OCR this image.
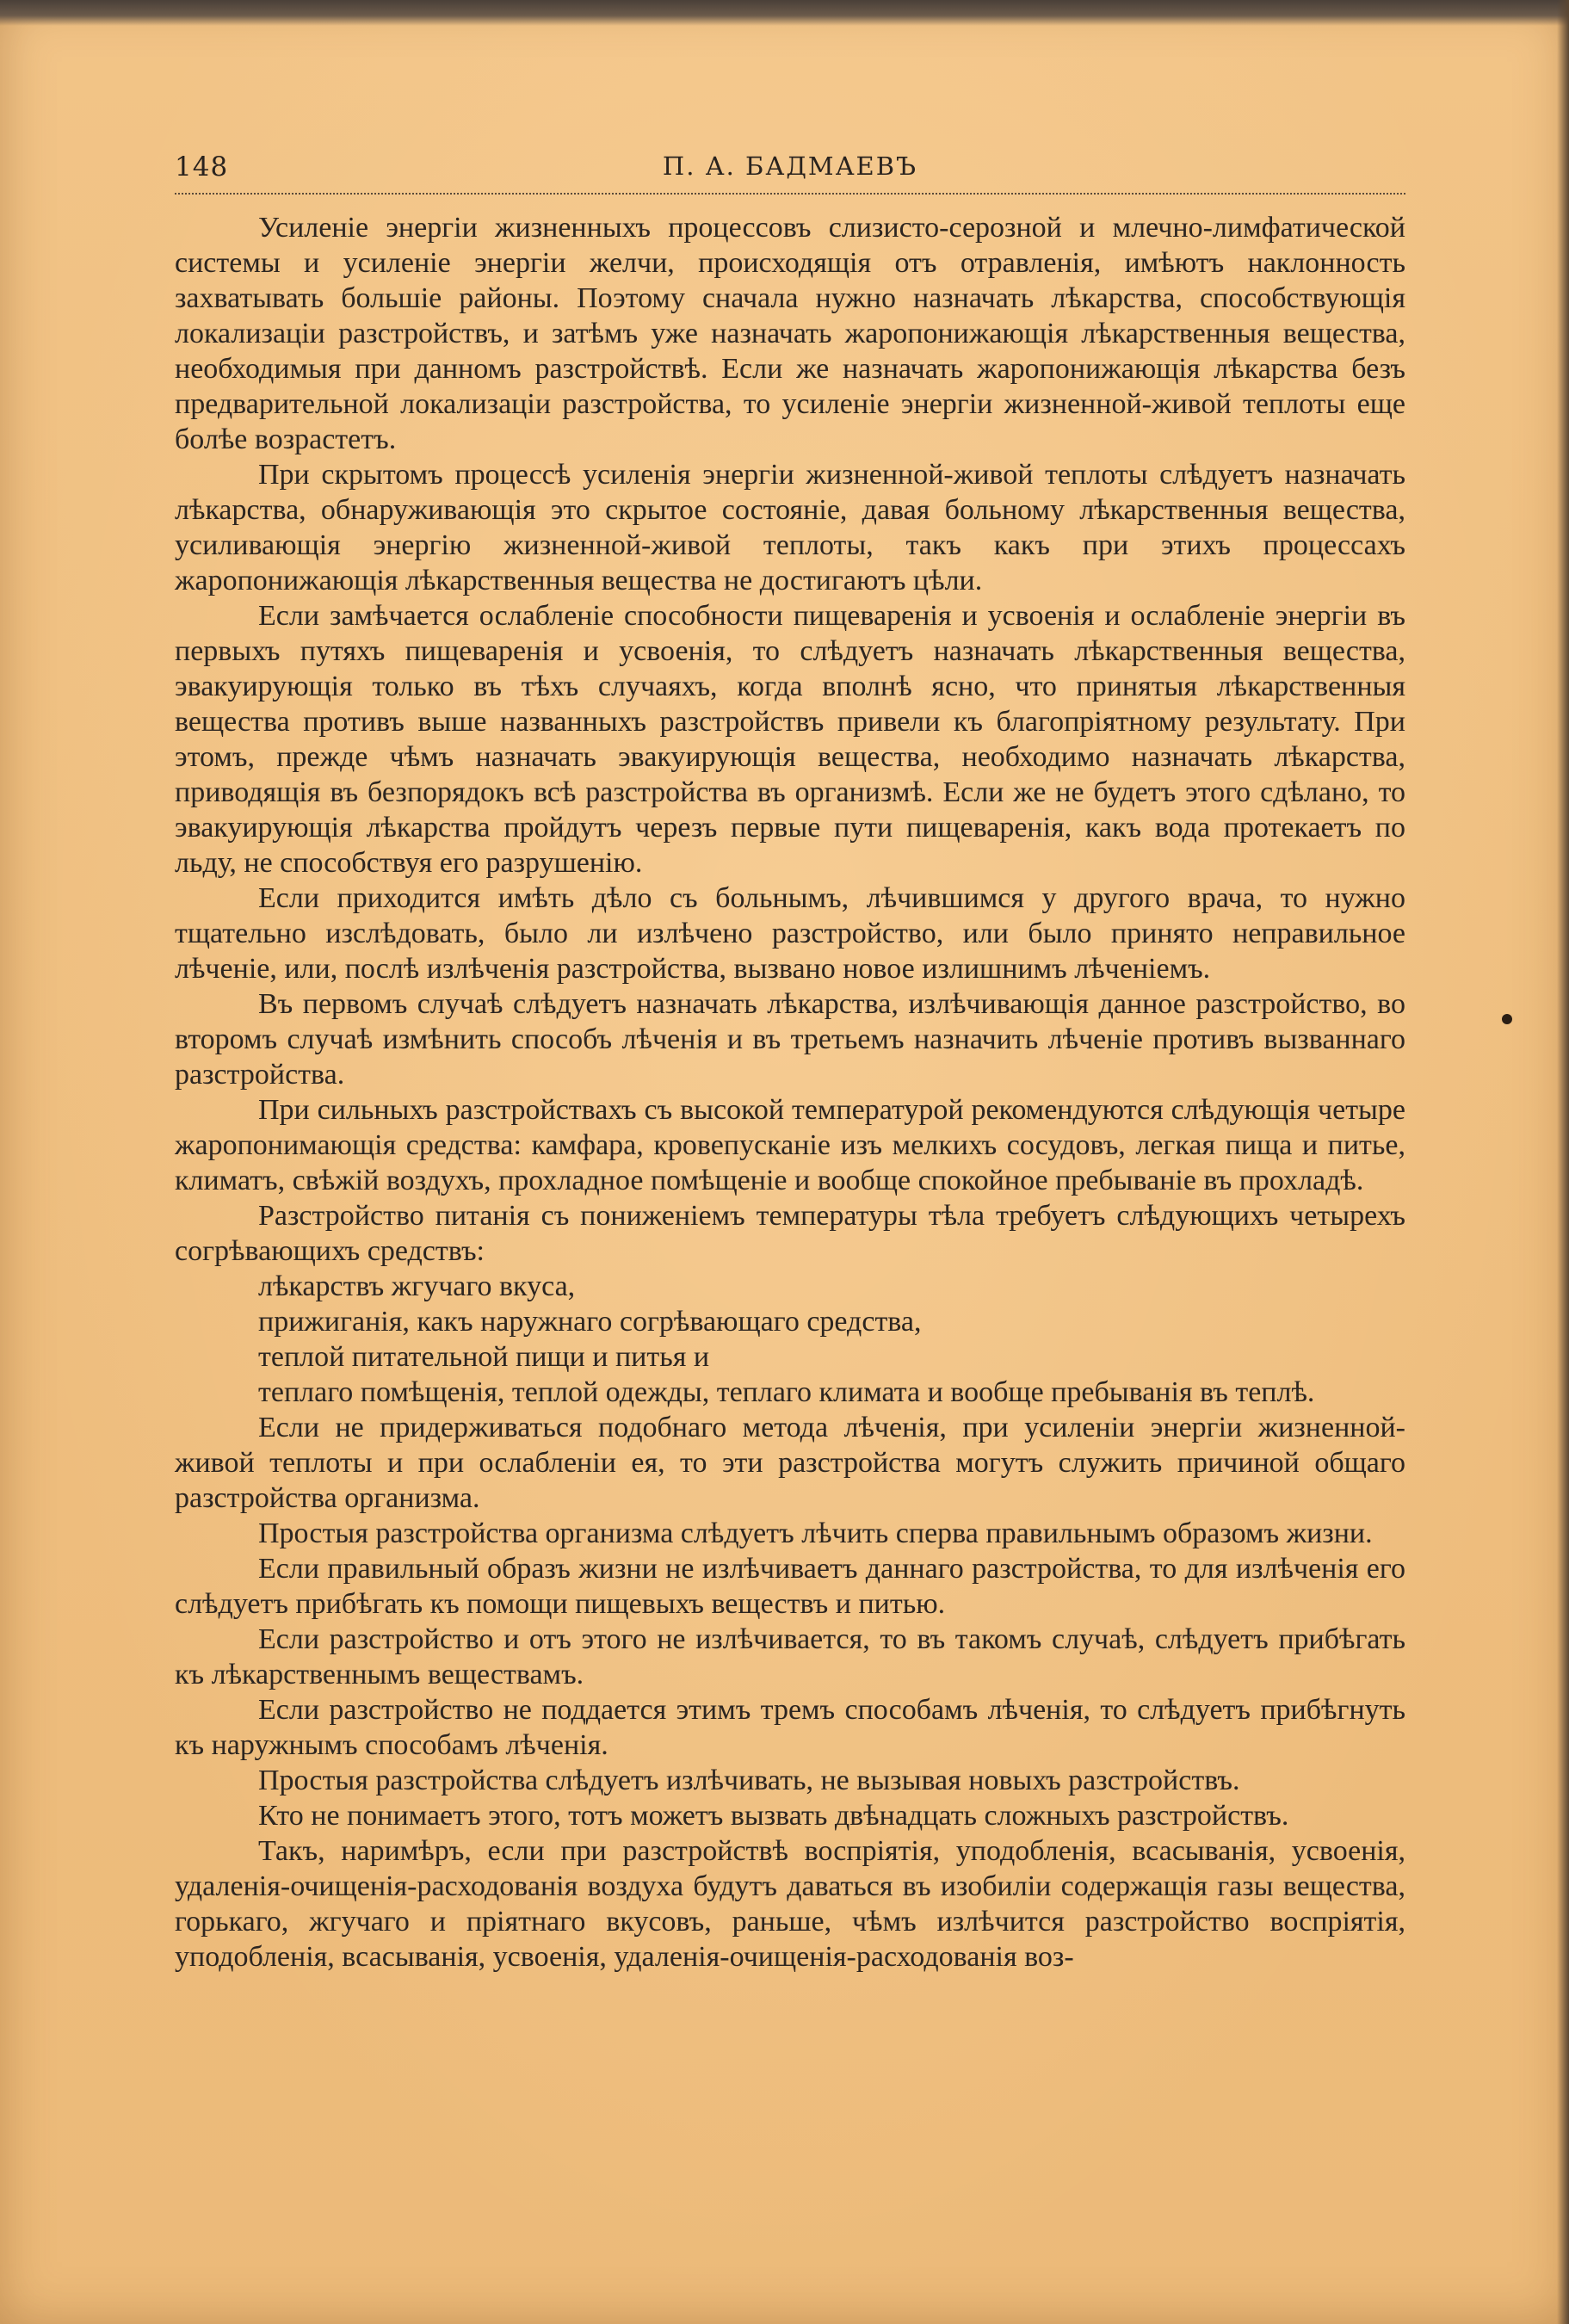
148	П. А. БАДМАЕВЪ

Усиленіе энергіи жизненныхъ процессовъ слизисто-серозной и млечно-лимфатической системы и усиленіе энергіи желчи, происходящія отъ отравленія, имѣютъ наклонность захватывать большіе районы. Поэтому сначала нужно назначать лѣкарства, способствующія локализаціи разстройствъ, и затѣмъ уже назначать жаропонижающія лѣкарственныя вещества, необходимыя при данномъ разстройствѣ. Если же назначать жаропонижающія лѣкарства безъ предварительной локализаціи разстройства, то усиленіе энергіи жизненной-живой теплоты еще болѣе возрастетъ.

При скрытомъ процессѣ усиленія энергіи жизненной-живой теплоты слѣдуетъ назначать лѣкарства, обнаруживающія это скрытое состояніе, давая больному лѣкарственныя вещества, усиливающія энергію жизненной-живой теплоты, такъ какъ при этихъ процессахъ жаропонижающія лѣкарственныя вещества не достигаютъ цѣли.

Если замѣчается ослабленіе способности пищеваренія и усвоенія и ослабленіе энергіи въ первыхъ путяхъ пищеваренія и усвоенія, то слѣдуетъ назначать лѣкарственныя вещества, эвакуирующія только въ тѣхъ случаяхъ, когда вполнѣ ясно, что принятыя лѣкарственныя вещества противъ выше названныхъ разстройствъ привели къ благопріятному результату. При этомъ, прежде чѣмъ назначать эвакуирующія вещества, необходимо назначать лѣкарства, приводящія въ безпорядокъ всѣ разстройства въ организмѣ. Если же не будетъ этого сдѣлано, то эвакуирующія лѣкарства пройдутъ черезъ первые пути пищеваренія, какъ вода протекаетъ по льду, не способствуя его разрушенію.

Если приходится имѣть дѣло съ больнымъ, лѣчившимся у другого врача, то нужно тщательно изслѣдовать, было ли излѣчено разстройство, или было принято неправильное лѣченіе, или, послѣ излѣченія разстройства, вызвано новое излишнимъ лѣченіемъ.

Въ первомъ случаѣ слѣдуетъ назначать лѣкарства, излѣчивающія данное разстройство, во второмъ случаѣ измѣнить способъ лѣченія и въ третьемъ назначить лѣченіе противъ вызваннаго разстройства.

При сильныхъ разстройствахъ съ высокой температурой рекомендуются слѣдующія четыре жаропонимающія средства: камфара, кровепусканіе изъ мелкихъ сосудовъ, легкая пища и питье, климатъ, свѣжій воздухъ, прохладное помѣщеніе и вообще спокойное пребываніе въ прохладѣ.

Разстройство питанія съ пониженіемъ температуры тѣла требуетъ слѣдующихъ четырехъ согрѣвающихъ средствъ:

лѣкарствъ жгучаго вкуса,

прижиганія, какъ наружнаго согрѣвающаго средства,

теплой питательной пищи и питья и

теплаго помѣщенія, теплой одежды, теплаго климата и вообще пребыванія въ теплѣ.

Если не придерживаться подобнаго метода лѣченія, при усиленіи энергіи жизненной-живой теплоты и при ослабленіи ея, то эти разстройства могутъ служить причиной общаго разстройства организма.

Простыя разстройства организма слѣдуетъ лѣчить сперва правильнымъ образомъ жизни.

Если правильный образъ жизни не излѣчиваетъ даннаго разстройства, то для излѣченія его слѣдуетъ прибѣгать къ помощи пищевыхъ веществъ и питью.

Если разстройство и отъ этого не излѣчивается, то въ такомъ случаѣ, слѣдуетъ прибѣгать къ лѣкарственнымъ веществамъ.

Если разстройство не поддается этимъ тремъ способамъ лѣченія, то слѣдуетъ прибѣгнуть къ наружнымъ способамъ лѣченія.

Простыя разстройства слѣдуетъ излѣчивать, не вызывая новыхъ разстройствъ.

Кто не понимаетъ этого, тотъ можетъ вызвать двѣнадцать сложныхъ разстройствъ.

Такъ, наримѣръ, если при разстройствѣ воспріятія, уподобленія, всасыванія, усвоенія, удаленія-очищенія-расходованія воздуха будутъ даваться въ изобиліи содержащія газы вещества, горькаго, жгучаго и пріятнаго вкусовъ, раньше, чѣмъ излѣчится разстройство воспріятія, уподобленія, всасыванія, усвоенія, удаленія-очищенія-расходованія воз-
